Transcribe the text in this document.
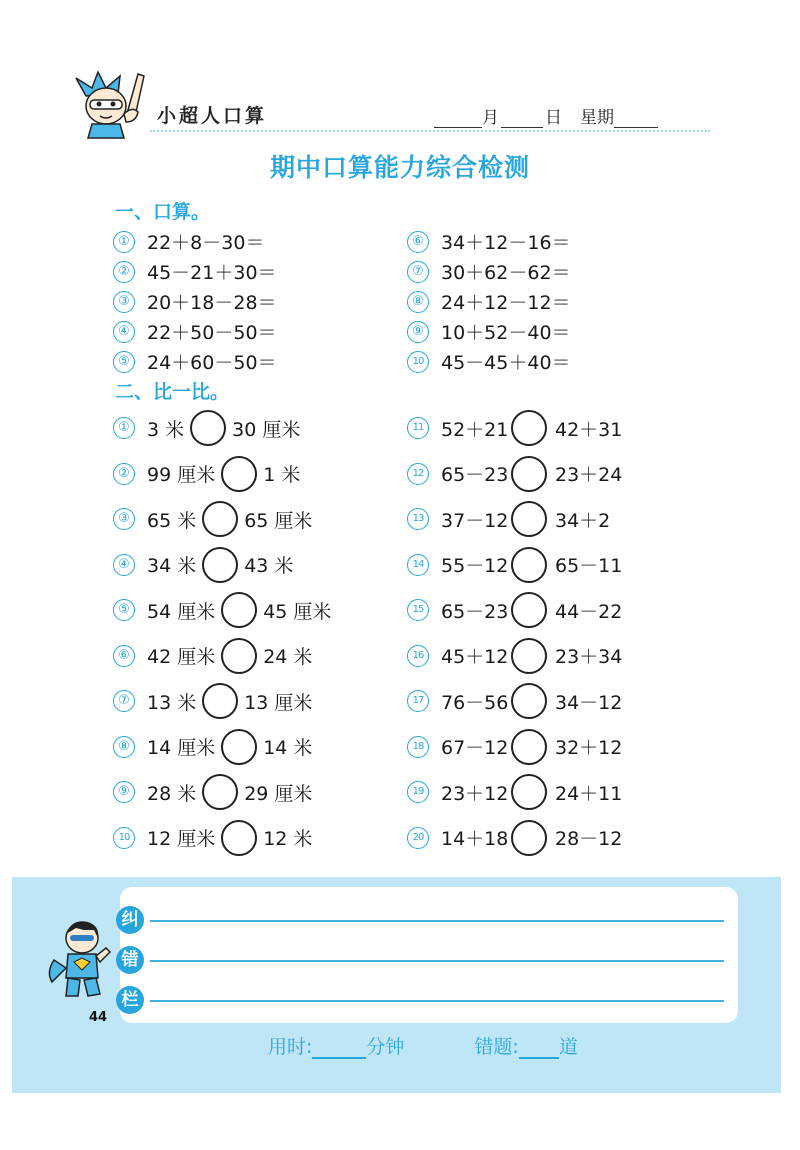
小超人口算	月	日 星期
期中口算能力综合检测
一、口算。
① 22＋8－30＝
② 45－21＋30＝
③ 20＋18－28＝
④ 22＋50－50＝
⑤ 24＋60－50＝
⑥ 34＋12－16＝
⑦ 30＋62－62＝
⑧ 24＋12－12＝
⑨ 10＋52－40＝
10 45－45＋40＝
二、比一比。
① 3 米	30 厘米
② 99 厘米	1 米
③ 65 米	65 厘米
④ 34 米	43 米
⑤ 54 厘米	45 厘米
⑥ 42 厘米	24 米
⑦ 13 米	13 厘米
⑧ 14 厘米	14 米
⑨ 28 米	29 厘米
10 12 厘米	12 米
11 52＋21 42＋31
12 65－23 23＋24
13 37－12 34＋2
14 55－12 65－11
15 65－23 44－22
16 45＋12 23＋34
17 76－56 34－12
18 67－12 32＋12
19 23＋12 24＋11
20 14＋18 28－12
纠
错
栏
44
用时:	分钟	错题: 道
